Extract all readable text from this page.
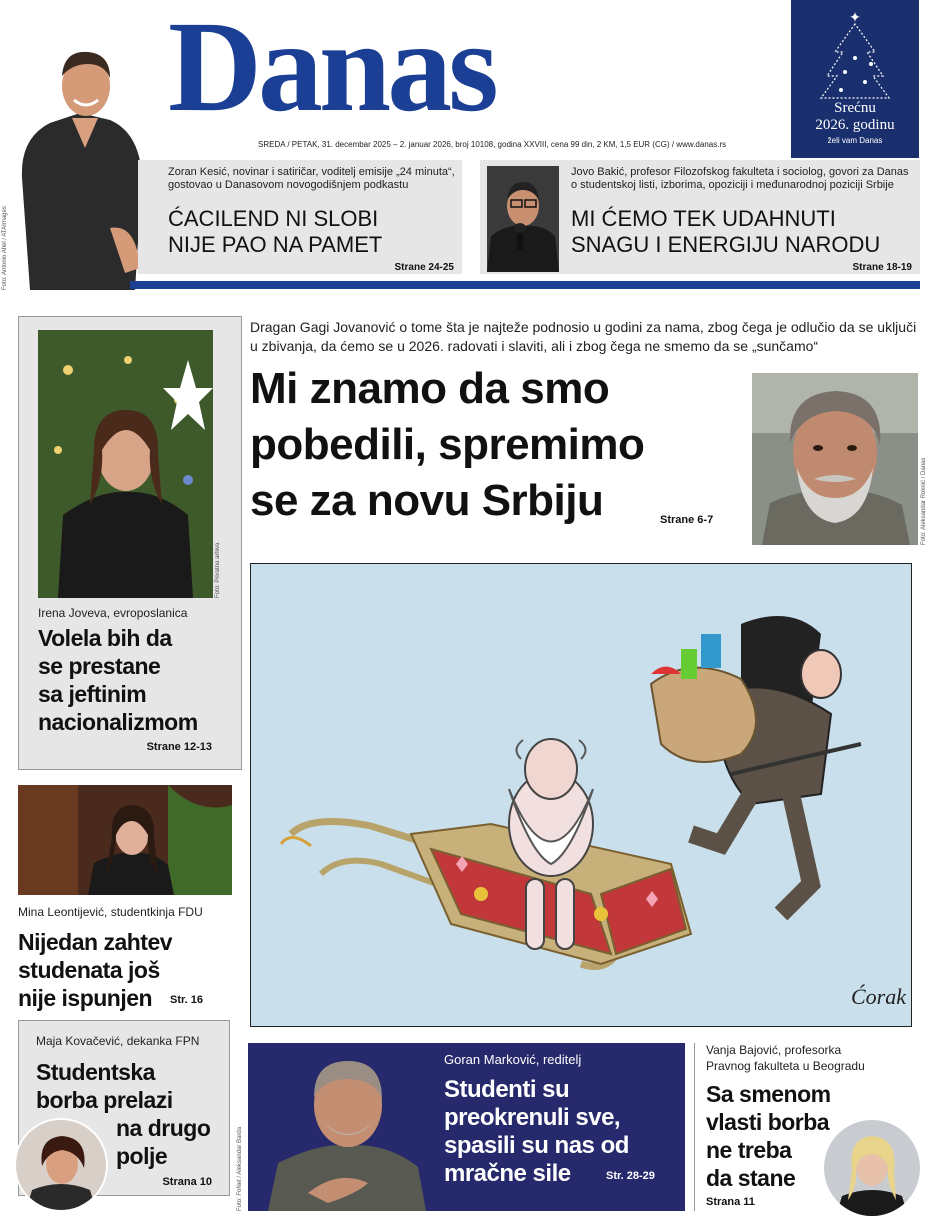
Foto: Antonio Ahel / ATAImages
Danas
SREDA / PETAK, 31. decembar 2025 – 2. januar 2026, broj 10108, godina XXVIII, cena 99 din, 2 KM, 1,5 EUR (CG) / www.danas.rs
✦
Srećnu
2026. godinu
želi vam Danas
Zoran Kesić, novinar i satiričar, voditelj emisije „24 minuta“, gostovao u Danasovom novogodišnjem podkastu
ĆACILEND NI SLOBI
NIJE PAO NA PAMET
Strane 24-25
Jovo Bakić, profesor Filozofskog fakulteta i sociolog, govori za Danas o studentskoj listi, izborima, opoziciji i međunarodnoj poziciji Srbije
MI ĆEMO TEK UDAHNUTI
SNAGU I ENERGIJU NARODU
Strane 18-19
Dragan Gagi Jovanović o tome šta je najteže podnosio u godini za nama, zbog čega je odlučio da se uključi u zbivanja, da ćemo se u 2026. radovati i slaviti, ali i zbog čega ne smemo da se „sunčamo“
Mi znamo da smo
pobedili, spremimo
se za novu Srbiju	Strane 6-7	Foto: Aleksandar Roknić / Danas
Ćorak
Foto: Privatna arhiva
Irena Joveva, evroposlanica
Volela bih da
se prestane
sa jeftinim
nacionalizmom
Strane 12-13
Mina Leontijević, studentkinja FDU
Nijedan zahtev
studenata još
nije ispunjen Str. 16
Maja Kovačević, dekanka FPN
Studentska
borba prelazi
na drugo
polje
Strana 10	Foto: FoNet / Aleksandar Barda
Goran Marković, reditelj
Studenti su
preokrenuli sve,
spasili su nas od
mračne sile	Str. 28-29
Vanja Bajović, profesorka
Pravnog fakulteta u Beogradu
Sa smenom
vlasti borba
ne treba
da stane
Strana 11
